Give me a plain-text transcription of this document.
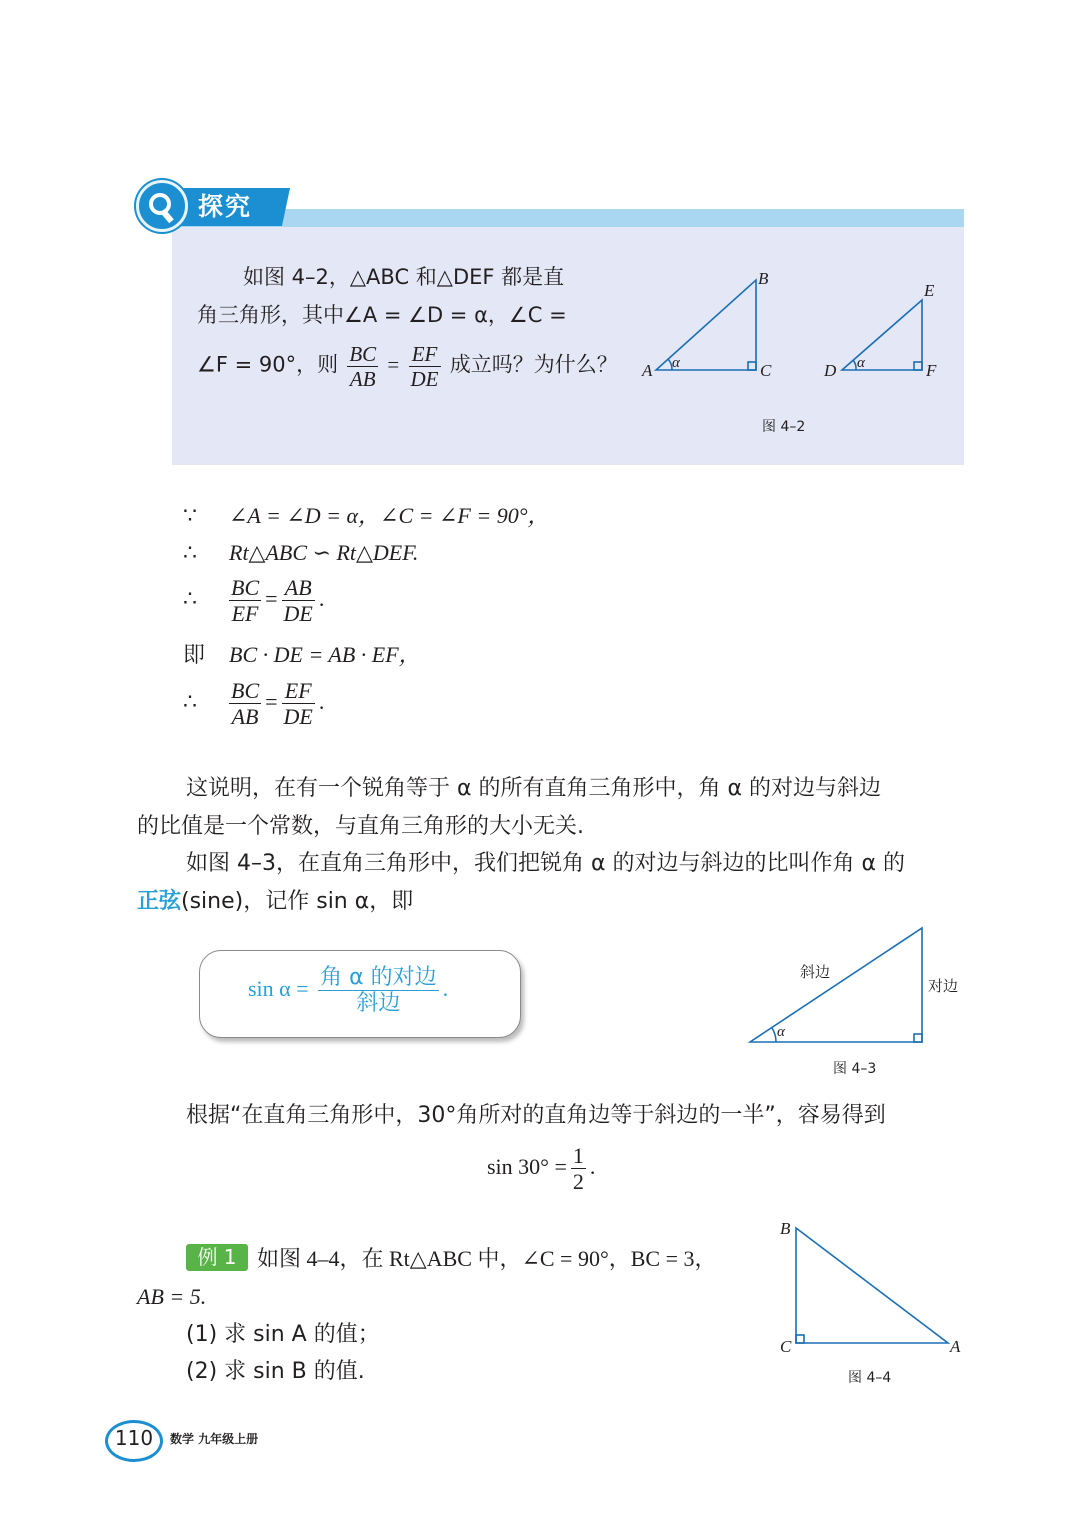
探究
如图 4–2，△ABC 和△DEF 都是直
角三角形，其中∠A = ∠D = α，∠C =
∠F = 90°，则 $\frac{BC}{AB} = \frac{EF}{DE}$ 成立吗？为什么？ A
B
C
α	D
E
F
α
图 4–2
∵ ∠A = ∠D = α，∠C = ∠F = 90°，
∴ Rt△ABC ∽ Rt△DEF.
∴ $\frac{BC}{EF} = \frac{AB}{DE}$ .
即 BC · DE = AB · EF，
∴ $\frac{BC}{AB} = \frac{EF}{DE}$ .
这说明，在有一个锐角等于 α 的所有直角三角形中，角 α 的对边与斜边
的比值是一个常数，与直角三角形的大小无关.
如图 4–3，在直角三角形中，我们把锐角 α 的对边与斜边的比叫作角 α 的
正弦(sine)，记作 sin α，即
$\sin \alpha = \frac{\text{角 α 的对边}}{\text{斜边}}$ .
斜边
对边
α
图 4–3
根据“在直角三角形中，30°角所对的直角边等于斜边的一半”，容易得到
$\sin 30^\circ = \frac{1}{2}$ .
例 1 如图 4–4，在 Rt△ABC 中，∠C = 90°，BC = 3，
AB = 5.
(1) 求 sin A 的值；
(2) 求 sin B 的值.
B
C	A
图 4–4
110 数学 九年级上册
